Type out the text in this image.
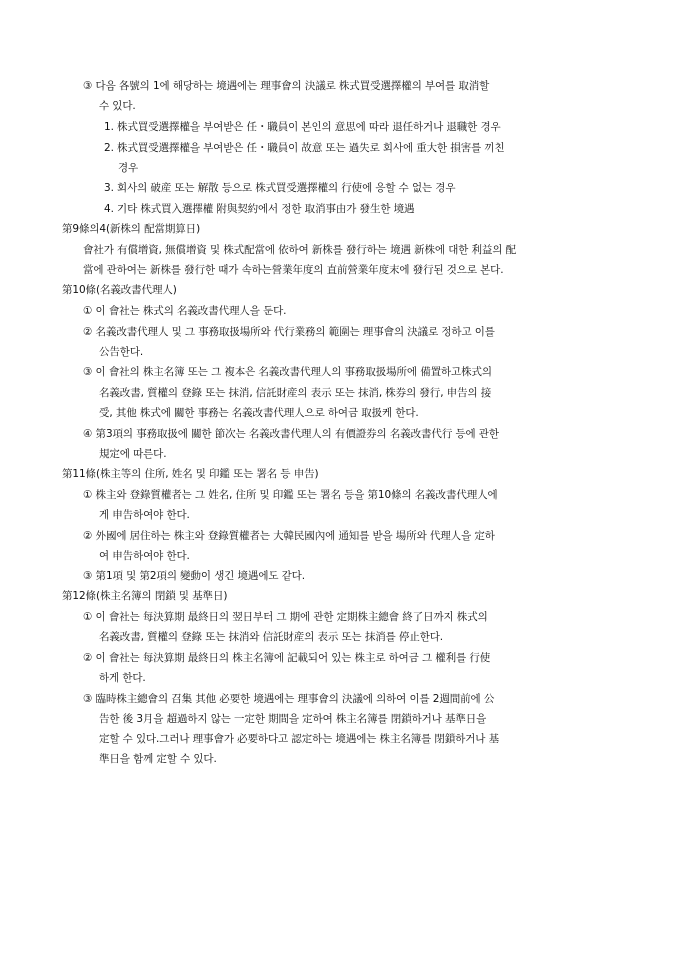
③ 다음 各號의 1에 해당하는 境遇에는 理事會의 決議로 株式買受選擇權의 부여를 取消할
수 있다.
1. 株式買受選擇權을 부여받은 任・職員이 본인의 意思에 따라 退任하거나 退職한 경우
2. 株式買受選擇權을 부여받은 任・職員이 故意 또는 過失로 회사에 重大한 損害를 끼친
경우
3. 회사의 破産 또는 解散 등으로 株式買受選擇權의 行使에 응할 수 없는 경우
4. 기타 株式買入選擇權 附與契約에서 정한 取消事由가 發生한 境遇
第9條의4(新株의 配當期算日)
會社가 有償增資, 無償增資 및 株式配當에 依하여 新株를 發行하는 境遇 新株에 대한 利益의 配
當에 관하여는 新株를 發行한 때가 속하는營業年度의 直前營業年度末에 發行된 것으로 본다.
第10條(名義改書代理人)
① 이 會社는 株式의 名義改書代理人을 둔다.
② 名義改書代理人 및 그 事務取扱場所와 代行業務의 範圍는 理事會의 決議로 정하고 이를
公告한다.
③ 이 會社의 株主名簿 또는 그 複本은 名義改書代理人의 事務取扱場所에 備置하고株式의
名義改書, 質權의 登錄 또는 抹消, 信託財産의 表示 또는 抹消, 株券의 發行, 申告의 接
受, 其他 株式에 關한 事務는 名義改書代理人으로 하여금 取扱케 한다.
④ 第3項의 事務取扱에 關한 節次는 名義改書代理人의 有價證券의 名義改書代行 등에 관한
規定에 따른다.
第11條(株主等의 住所, 姓名 및 印鑑 또는 署名 등 申告)
① 株主와 登錄質權者는 그 姓名, 住所 및 印鑑 또는 署名 등을 第10條의 名義改書代理人에
게 申告하여야 한다.
② 外國에 居住하는 株主와 登錄質權者는 大韓民國內에 通知를 받을 場所와 代理人을 定하
여 申告하여야 한다.
③ 第1項 및 第2項의 變動이 생긴 境遇에도 같다.
第12條(株主名簿의 閉鎖 및 基準日)
① 이 會社는 每決算期 最終日의 翌日부터 그 期에 관한 定期株主總會 終了日까지 株式의
名義改書, 質權의 登錄 또는 抹消와 信託財産의 表示 또는 抹消를 停止한다.
② 이 會社는 每決算期 最終日의 株主名簿에 記載되어 있는 株主로 하여금 그 權利를 行使
하게 한다.
③ 臨時株主總會의 召集 其他 必要한 境遇에는 理事會의 決議에 의하여 이를 2週間前에 公
告한 後 3月을 超過하지 않는 一定한 期間을 定하여 株主名簿를 閉鎖하거나 基準日을
定할 수 있다.그러나 理事會가 必要하다고 認定하는 境遇에는 株主名簿를 閉鎖하거나 基
準日을 함께 定할 수 있다.
